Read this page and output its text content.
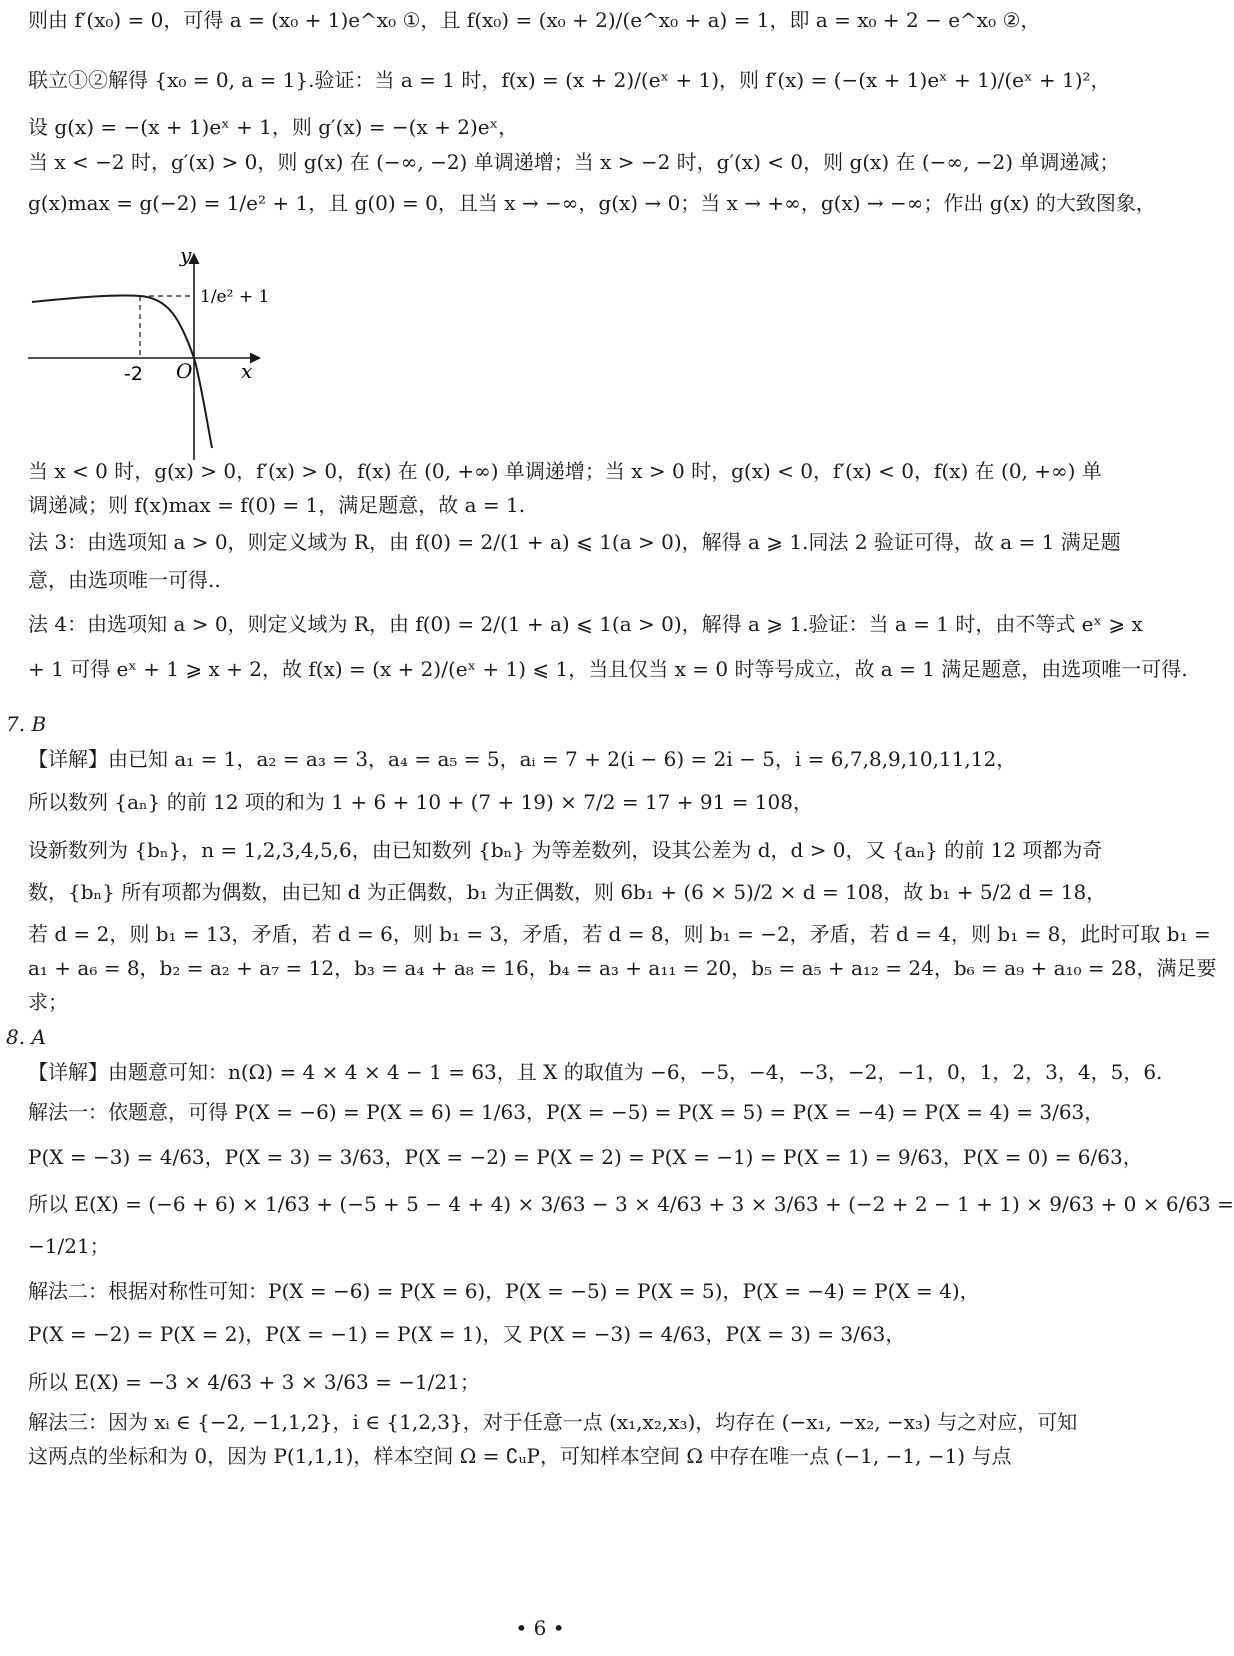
则由 f′(x₀) = 0，可得 a = (x₀ + 1)e^x₀ ①，且 f(x₀) = (x₀ + 2)/(e^x₀ + a) = 1，即 a = x₀ + 2 − e^x₀ ②，

联立①②解得 {x₀ = 0, a = 1}.验证：当 a = 1 时，f(x) = (x + 2)/(eˣ + 1)，则 f′(x) = (−(x + 1)eˣ + 1)/(eˣ + 1)²，

设 g(x) = −(x + 1)eˣ + 1，则 g′(x) = −(x + 2)eˣ，

当 x < −2 时，g′(x) > 0，则 g(x) 在 (−∞, −2) 单调递增；当 x > −2 时，g′(x) < 0，则 g(x) 在 (−∞, −2) 单调递减；

g(x)max = g(−2) = 1/e² + 1，且 g(0) = 0，且当 x → −∞，g(x) → 0；当 x → +∞，g(x) → −∞；作出 g(x) 的大致图象，

y
x
O
-2
1/e² + 1

当 x < 0 时，g(x) > 0，f′(x) > 0，f(x) 在 (0, +∞) 单调递增；当 x > 0 时，g(x) < 0，f′(x) < 0，f(x) 在 (0, +∞) 单

调递减；则 f(x)max = f(0) = 1，满足题意，故 a = 1.

法 3：由选项知 a > 0，则定义域为 R，由 f(0) = 2/(1 + a) ⩽ 1(a > 0)，解得 a ⩾ 1.同法 2 验证可得，故 a = 1 满足题

意，由选项唯一可得..

法 4：由选项知 a > 0，则定义域为 R，由 f(0) = 2/(1 + a) ⩽ 1(a > 0)，解得 a ⩾ 1.验证：当 a = 1 时，由不等式 eˣ ⩾ x

+ 1 可得 eˣ + 1 ⩾ x + 2，故 f(x) = (x + 2)/(eˣ + 1) ⩽ 1，当且仅当 x = 0 时等号成立，故 a = 1 满足题意，由选项唯一可得.

7. B

【详解】由已知 a₁ = 1，a₂ = a₃ = 3，a₄ = a₅ = 5，aᵢ = 7 + 2(i − 6) = 2i − 5，i = 6,7,8,9,10,11,12，

所以数列 {aₙ} 的前 12 项的和为 1 + 6 + 10 + (7 + 19) × 7/2 = 17 + 91 = 108，

设新数列为 {bₙ}，n = 1,2,3,4,5,6，由已知数列 {bₙ} 为等差数列，设其公差为 d，d > 0，又 {aₙ} 的前 12 项都为奇

数，{bₙ} 所有项都为偶数，由已知 d 为正偶数，b₁ 为正偶数，则 6b₁ + (6 × 5)/2 × d = 108，故 b₁ + 5/2 d = 18，

若 d = 2，则 b₁ = 13，矛盾，若 d = 6，则 b₁ = 3，矛盾，若 d = 8，则 b₁ = −2，矛盾，若 d = 4，则 b₁ = 8，此时可取 b₁ =

a₁ + a₆ = 8，b₂ = a₂ + a₇ = 12，b₃ = a₄ + a₈ = 16，b₄ = a₃ + a₁₁ = 20，b₅ = a₅ + a₁₂ = 24，b₆ = a₉ + a₁₀ = 28，满足要

求；

8. A

【详解】由题意可知：n(Ω) = 4 × 4 × 4 − 1 = 63，且 X 的取值为 −6，−5，−4，−3，−2，−1，0，1，2，3，4，5，6.

解法一：依题意，可得 P(X = −6) = P(X = 6) = 1/63，P(X = −5) = P(X = 5) = P(X = −4) = P(X = 4) = 3/63，

P(X = −3) = 4/63，P(X = 3) = 3/63，P(X = −2) = P(X = 2) = P(X = −1) = P(X = 1) = 9/63，P(X = 0) = 6/63，

所以 E(X) = (−6 + 6) × 1/63 + (−5 + 5 − 4 + 4) × 3/63 − 3 × 4/63 + 3 × 3/63 + (−2 + 2 − 1 + 1) × 9/63 + 0 × 6/63 =

−1/21；

解法二：根据对称性可知：P(X = −6) = P(X = 6)，P(X = −5) = P(X = 5)，P(X = −4) = P(X = 4)，

P(X = −2) = P(X = 2)，P(X = −1) = P(X = 1)，又 P(X = −3) = 4/63，P(X = 3) = 3/63，

所以 E(X) = −3 × 4/63 + 3 × 3/63 = −1/21；

解法三：因为 xᵢ ∈ {−2, −1,1,2}，i ∈ {1,2,3}，对于任意一点 (x₁,x₂,x₃)，均存在 (−x₁, −x₂, −x₃) 与之对应，可知

这两点的坐标和为 0，因为 P(1,1,1)，样本空间 Ω = ∁ᵤP，可知样本空间 Ω 中存在唯一点 (−1, −1, −1) 与点

• 6 •
